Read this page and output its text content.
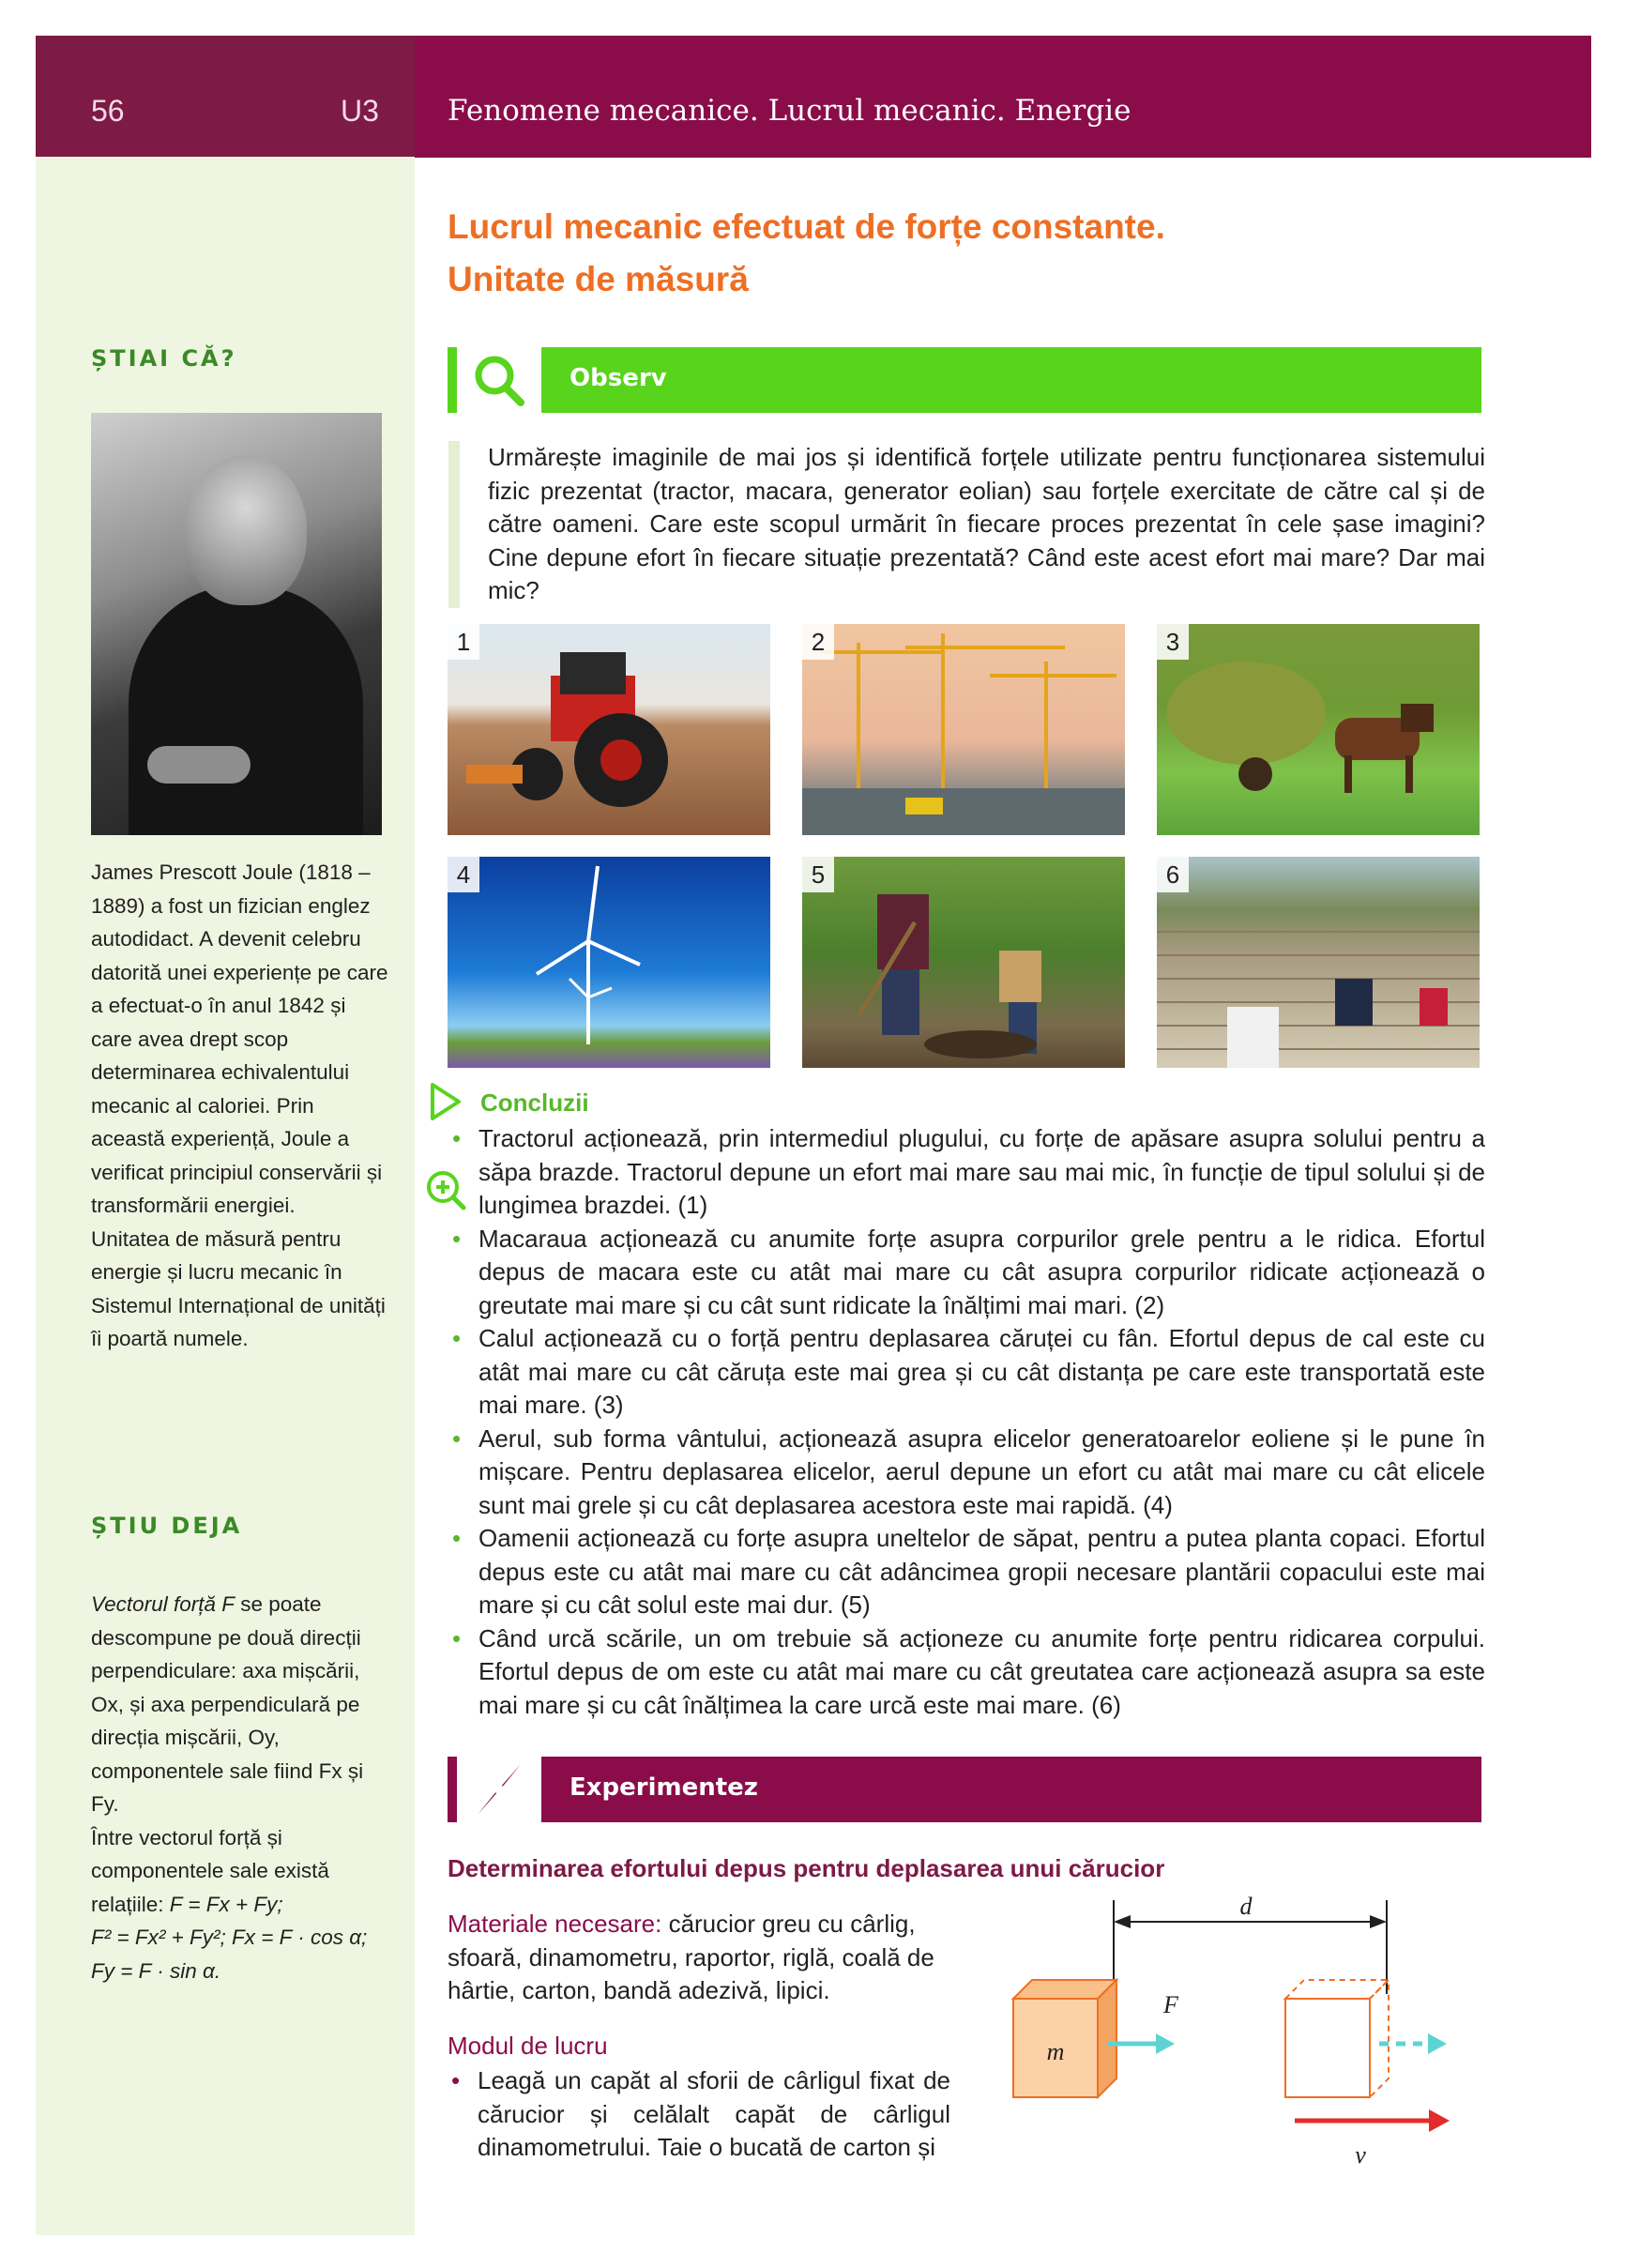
56	U3 Fenomene mecanice. Lucrul mecanic. Energie
ȘTIAI CĂ?
James Prescott Joule (1818 – 1889) a fost un fizician englez autodidact. A devenit celebru datorită unei experiențe pe care a efectuat-o în anul 1842 și care avea drept scop determinarea echivalentului mecanic al caloriei. Prin această experiență, Joule a verificat principiul conservării și transformării energiei.
Unitatea de măsură pentru energie și lucru mecanic în Sistemul Internațional de unități îi poartă numele.
ȘTIU DEJA
Vectorul forță F se poate descompune pe două direcții perpendiculare: axa mișcării, Ox, și axa perpendiculară pe direcția mișcării, Oy, componentele sale fiind Fx și Fy.
Între vectorul forță și componentele sale există relațiile: F = Fx + Fy;
F² = Fx² + Fy²; Fx = F · cos α;
Fy = F · sin α.
Lucrul mecanic efectuat de forțe constante.
Unitate de măsură
Observ
Urmărește imaginile de mai jos și identifică forțele utilizate pentru funcționarea sistemului fizic prezentat (tractor, macara, generator eolian) sau forțele exercitate de către cal și de către oameni. Care este scopul urmărit în fiecare proces prezentat în cele șase imagini? Cine depune efort în fiecare situație prezentată? Când este acest efort mai mare? Dar mai mic?
1	2	3
4	5	6
Concluzii
• Tractorul acționează, prin intermediul plugului, cu forțe de apăsare asupra solului pentru a săpa brazde. Tractorul depune un efort mai mare sau mai mic, în funcție de tipul solului și de lungimea brazdei. (1)
• Macaraua acționează cu anumite forțe asupra corpurilor grele pentru a le ridica. Efortul depus de macara este cu atât mai mare cu cât asupra corpurilor ridicate acționează o greutate mai mare și cu cât sunt ridicate la înălțimi mai mari. (2)
• Calul acționează cu o forță pentru deplasarea căruței cu fân. Efortul depus de cal este cu atât mai mare cu cât căruța este mai grea și cu cât distanța pe care este transportată este mai mare. (3)
• Aerul, sub forma vântului, acționează asupra elicelor generatoarelor eoliene și le pune în mișcare. Pentru deplasarea elicelor, aerul depune un efort cu atât mai mare cu cât elicele sunt mai grele și cu cât deplasarea acestora este mai rapidă. (4)
• Oamenii acționează cu forțe asupra uneltelor de săpat, pentru a putea planta copaci. Efortul depus este cu atât mai mare cu cât adâncimea gropii necesare plantării copacului este mai mare și cu cât solul este mai dur. (5)
• Când urcă scările, un om trebuie să acționeze cu anumite forțe pentru ridicarea corpului. Efortul depus de om este cu atât mai mare cu cât greutatea care acționează asupra sa este mai mare și cu cât înălțimea la care urcă este mai mare. (6)
Experimentez
Determinarea efortului depus pentru deplasarea unui cărucior
Materiale necesare: cărucior greu cu cârlig, sfoară, dinamometru, raportor, riglă, coală de hârtie, carton, bandă adezivă, lipici.
Modul de lucru
• Leagă un capăt al sforii de cârligul fixat de cărucior și celălalt capăt de cârligul dinamometrului. Taie o bucată de carton și
d
m
F
v
